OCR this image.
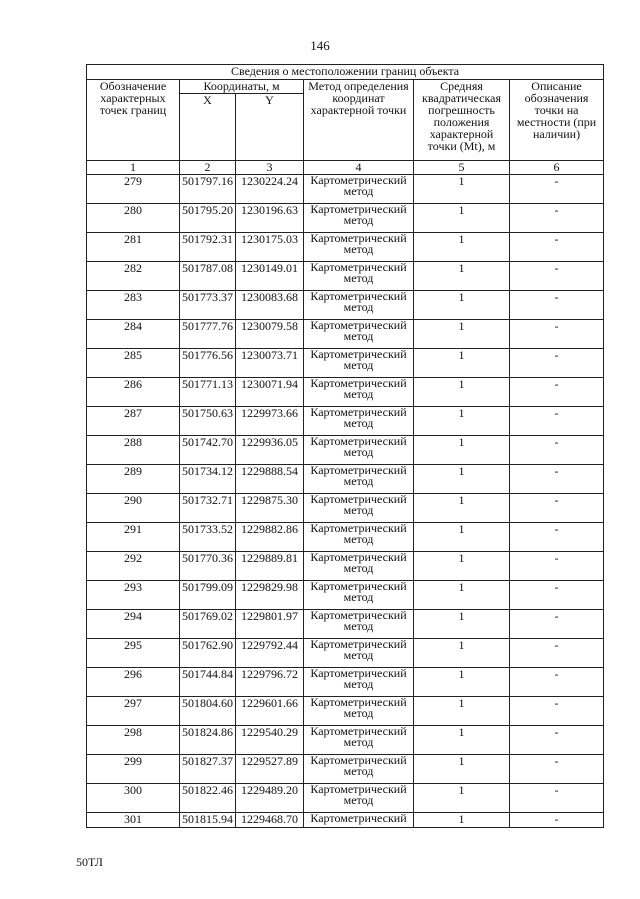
146
Сведения о местоположении границ объекта					
Обозначение характерных точек границ	Координаты, м		Метод определения координат характерной точки	Средняя квадратическая погрешность положения характерной точки (Mt), м	Описание обозначения точки на местности (при наличии)
	X	Y			
1	2	3	4	5	6
279	501797.16	1230224.24	Картометрический метод	1	-
280	501795.20	1230196.63	Картометрический метод	1	-
281	501792.31	1230175.03	Картометрический метод	1	-
282	501787.08	1230149.01	Картометрический метод	1	-
283	501773.37	1230083.68	Картометрический метод	1	-
284	501777.76	1230079.58	Картометрический метод	1	-
285	501776.56	1230073.71	Картометрический метод	1	-
286	501771.13	1230071.94	Картометрический метод	1	-
287	501750.63	1229973.66	Картометрический метод	1	-
288	501742.70	1229936.05	Картометрический метод	1	-
289	501734.12	1229888.54	Картометрический метод	1	-
290	501732.71	1229875.30	Картометрический метод	1	-
291	501733.52	1229882.86	Картометрический метод	1	-
292	501770.36	1229889.81	Картометрический метод	1	-
293	501799.09	1229829.98	Картометрический метод	1	-
294	501769.02	1229801.97	Картометрический метод	1	-
295	501762.90	1229792.44	Картометрический метод	1	-
296	501744.84	1229796.72	Картометрический метод	1	-
297	501804.60	1229601.66	Картометрический метод	1	-
298	501824.86	1229540.29	Картометрический метод	1	-
299	501827.37	1229527.89	Картометрический метод	1	-
300	501822.46	1229489.20	Картометрический метод	1	-
301	501815.94	1229468.70	Картометрический	1	-
50ТЛ
